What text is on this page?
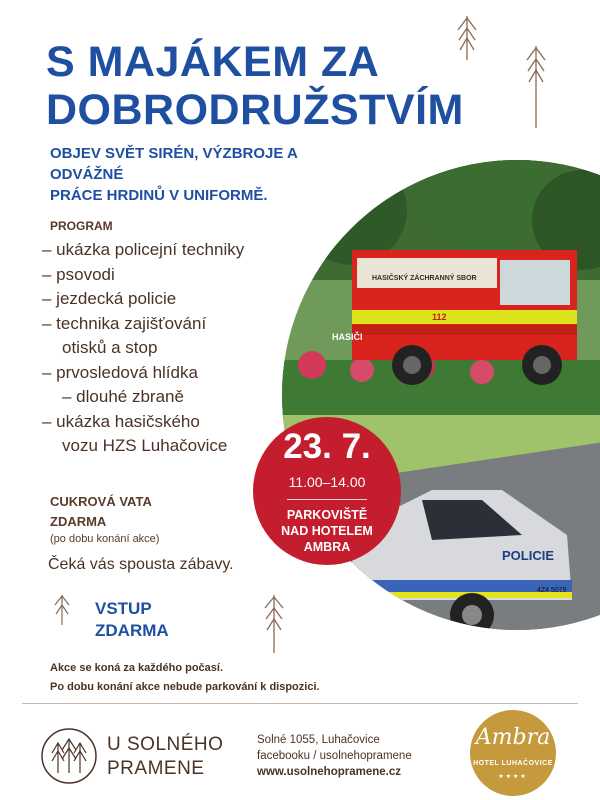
S MAJÁKEM ZA
DOBRODRUŽSTVÍM
OBJEV SVĚT SIRÉN, VÝZBROJE A ODVÁŽNÉ
PRÁCE HRDINŮ V UNIFORMĚ.
HASIČSKÝ ZÁCHRANNÝ SBOR
112
HASIČI
POLICIE
4Z4 5079
23. 7.
11.00–14.00
PARKOVIŠTĚ
NAD HOTELEM
AMBRA
PROGRAM
– ukázka policejní techniky
– psovodi
– jezdecká policie
– technika zajišťování
otisků a stop
– prvosledová hlídka
– dlouhé zbraně
– ukázka hasičského
vozu HZS Luhačovice
CUKROVÁ VATA
ZDARMA
(po dobu konání akce)
Čeká vás spousta zábavy.
VSTUP
ZDARMA
Akce se koná za každého počasí.
Po dobu konání akce nebude parkování k dispozici.
U SOLNÉHO
PRAMENE
Solné 1055, Luhačovice
facebooku / usolnehopramene
www.usolnehopramene.cz
Ambra
HOTEL LUHAČOVICE
★★★★
